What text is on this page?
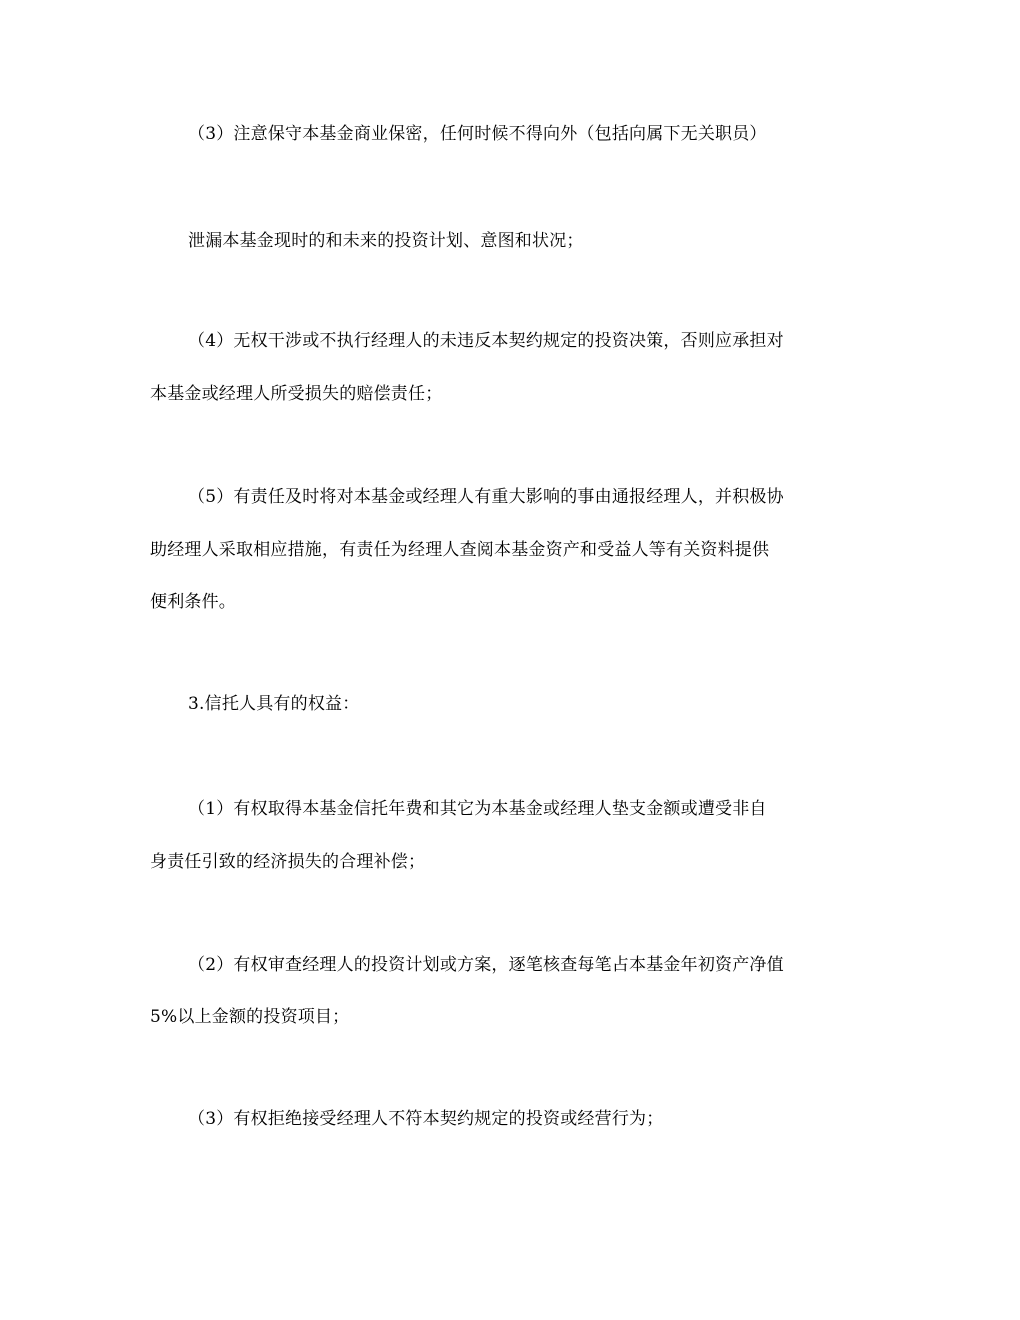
（3）注意保守本基金商业保密，任何时候不得向外（包括向属下无关职员）
泄漏本基金现时的和未来的投资计划、意图和状况；
（4）无权干涉或不执行经理人的未违反本契约规定的投资决策，否则应承担对
本基金或经理人所受损失的赔偿责任；
（5）有责任及时将对本基金或经理人有重大影响的事由通报经理人，并积极协
助经理人采取相应措施，有责任为经理人查阅本基金资产和受益人等有关资料提供
便利条件。
3.信托人具有的权益：
（1）有权取得本基金信托年费和其它为本基金或经理人垫支金额或遭受非自
身责任引致的经济损失的合理补偿；
（2）有权审查经理人的投资计划或方案，逐笔核查每笔占本基金年初资产净值
5%以上金额的投资项目；
（3）有权拒绝接受经理人不符本契约规定的投资或经营行为；
